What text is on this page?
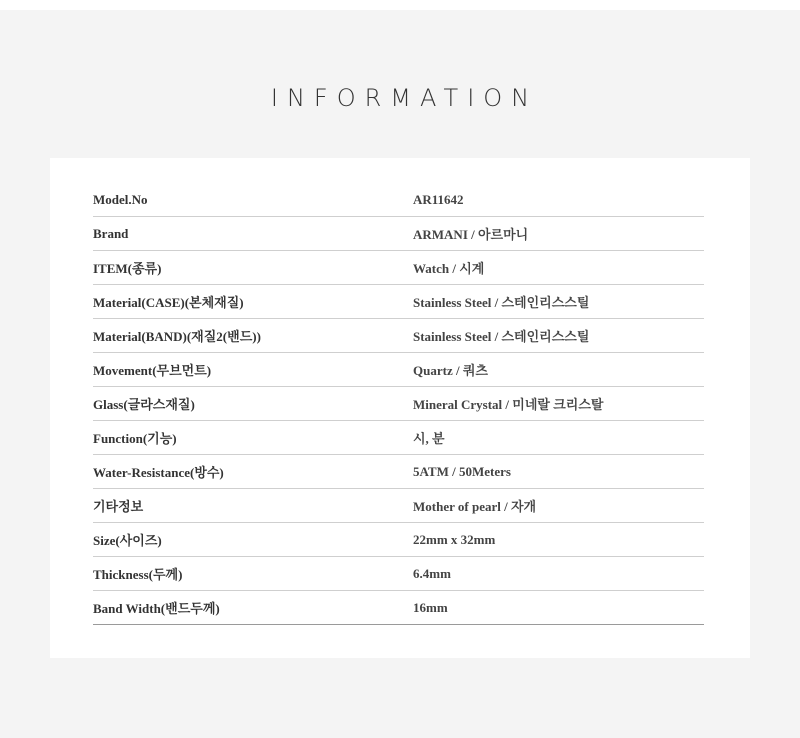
INFORMATION
Model.No	AR11642
Brand	ARMANI / 아르마니
ITEM(종류)	Watch / 시계
Material(CASE)(본체재질)	Stainless Steel / 스테인리스스틸
Material(BAND)(재질2(밴드))	Stainless Steel / 스테인리스스틸
Movement(무브먼트)	Quartz / 쿼츠
Glass(글라스재질)	Mineral Crystal / 미네랄 크리스탈
Function(기능)	시, 분
Water-Resistance(방수)	5ATM / 50Meters
기타정보	Mother of pearl / 자개
Size(사이즈)	22mm x 32mm
Thickness(두께)	6.4mm
Band Width(밴드두께)	16mm
